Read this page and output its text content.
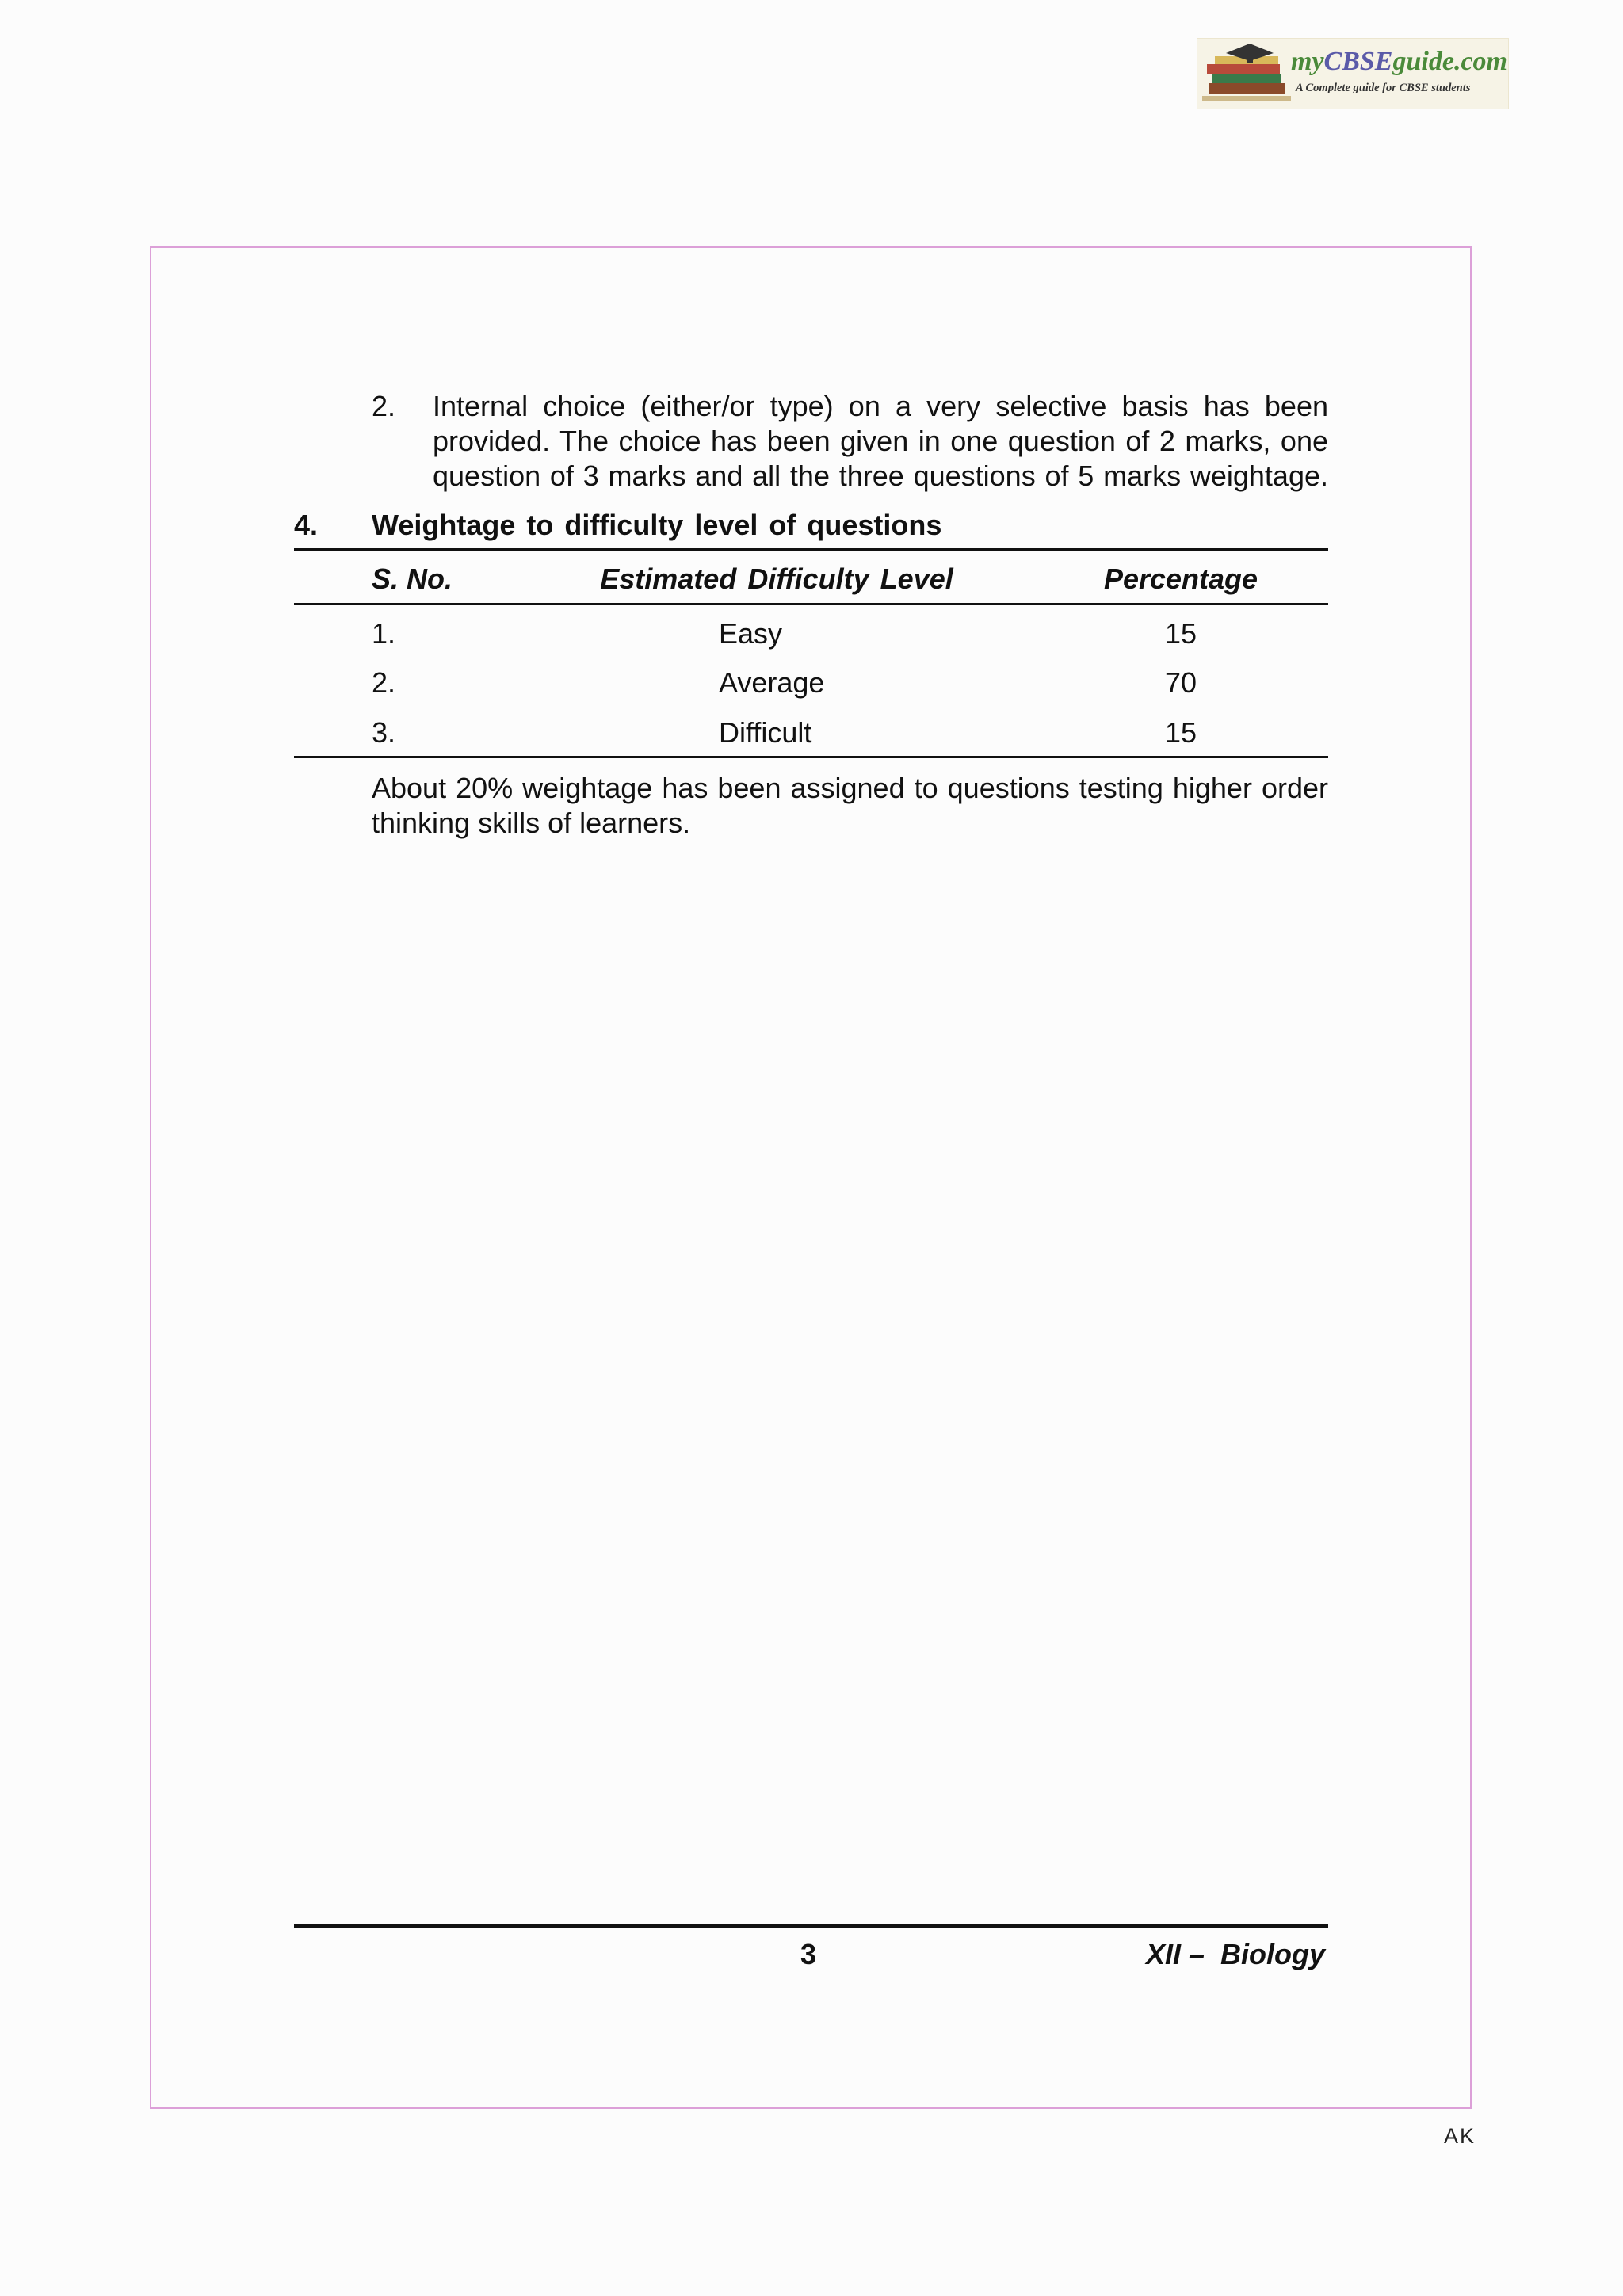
myCBSEguide.com
A Complete guide for CBSE students
2. Internal choice (either/or type) on a very selective basis has been
provided. The choice has been given in one question of 2 marks, one
question of 3 marks and all the three questions of 5 marks weightage.
4. Weightage to difficulty level of questions
S. No.	Estimated Difficulty Level	Percentage
1.	Easy	15
2.	Average	70
3.	Difficult	15
About 20% weightage has been assigned to questions testing higher order
thinking skills of learners.
3	XII –  Biology
AK
